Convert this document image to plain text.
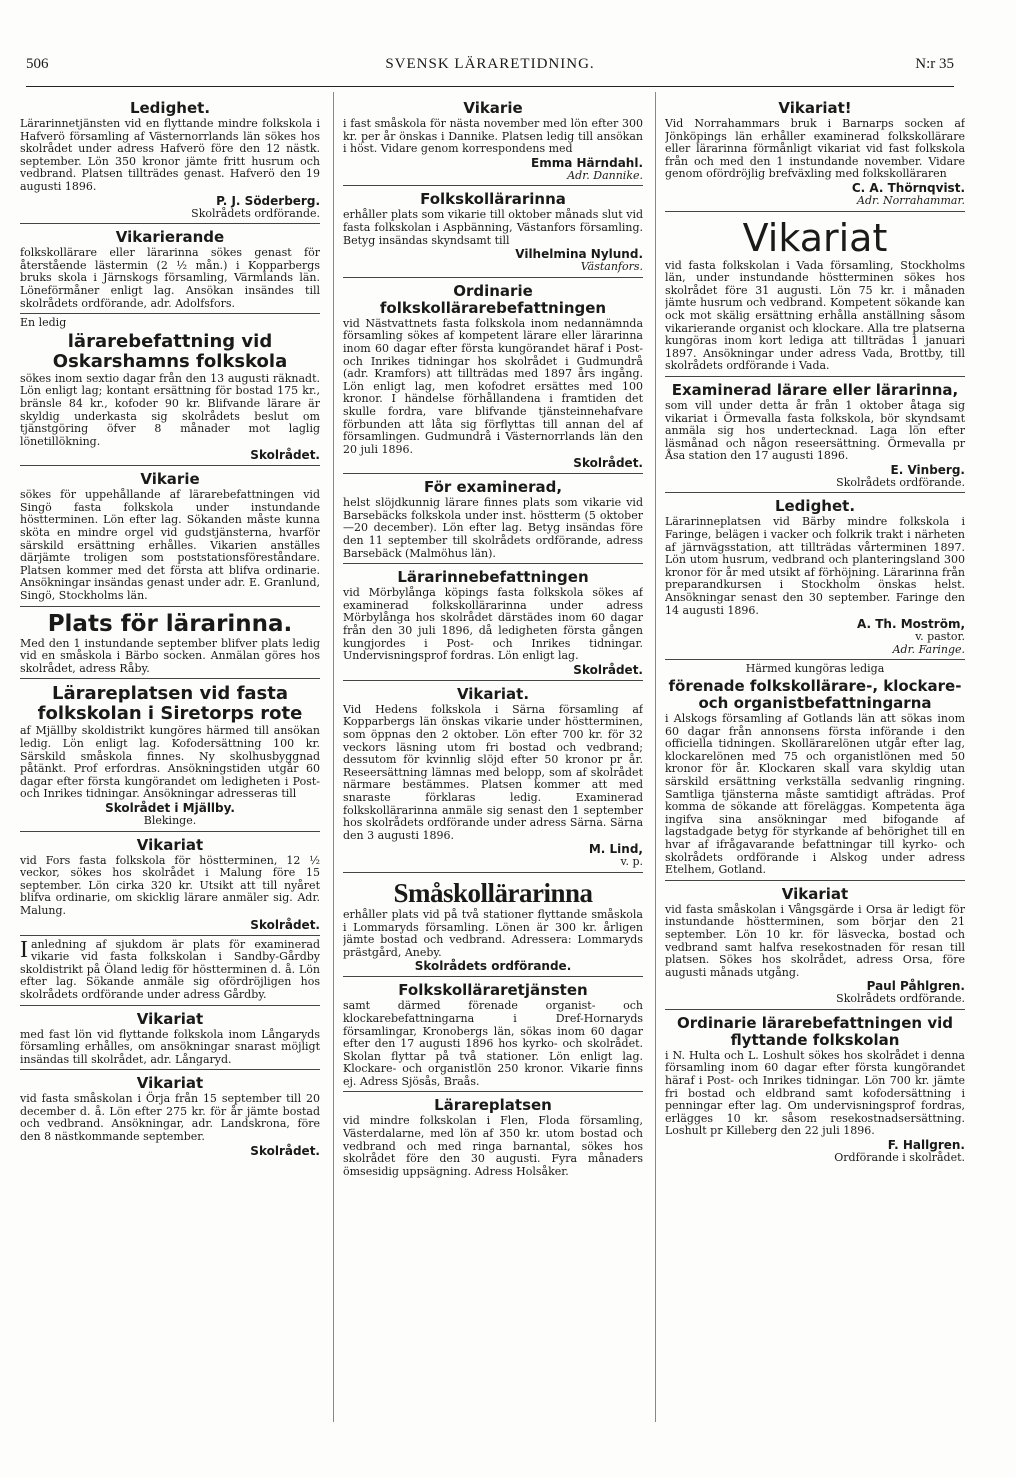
506	SVENSK LÄRARETIDNING.	N:r 35
Ledighet.

Lärarinnetjänsten vid en flyttande mindre folkskola i Hafverö församling af Västernorrlands län sökes hos skolrådet under adress Hafverö före den 12 nästk. september. Lön 350 kronor jämte fritt husrum och vedbrand. Platsen tillträdes genast. Hafverö den 19 augusti 1896.

P. J. Söderberg.
Skolrådets ordförande.
Vikarierande

folkskollärare eller lärarinna sökes genast för återstående lästermin (2 ½ mån.) i Kopparbergs bruks skola i Järnskogs församling, Värmlands län. Löneförmåner enligt lag. Ansökan insändes till skolrådets ordförande, adr. Adolfsfors.

En ledig
lärarebefattning vid Oskarshamns folkskola

sökes inom sextio dagar från den 13 augusti räknadt. Lön enligt lag; kontant ersättning för bostad 175 kr., bränsle 84 kr., kofoder 90 kr. Blifvande lärare är skyldig underkasta sig skolrådets beslut om tjänstgöring öfver 8 månader mot laglig lönetillökning.

Skolrådet.
Vikarie

sökes för uppehållande af lärarebefattningen vid Singö fasta folkskola under instundande höstterminen. Lön efter lag. Sökanden måste kunna sköta en mindre orgel vid gudstjänsterna, hvarför särskild ersättning erhålles. Vikarien anställes därjämte troligen som poststationsföreståndare. Platsen kommer med det första att blifva ordinarie. Ansökningar insändas genast under adr. E. Granlund, Singö, Stockholms län.

Plats för lärarinna.

Med den 1 instundande september blifver plats ledig vid en småskola i Bärbo socken. Anmälan göres hos skolrådet, adress Råby.

Lärareplatsen vid fasta folkskolan i Siretorps rote

af Mjällby skoldistrikt kungöres härmed till ansökan ledig. Lön enligt lag. Kofodersättning 100 kr. Särskild småskola finnes. Ny skolhusbyggnad påtänkt. Prof erfordras. Ansökningstiden utgår 60 dagar efter första kungörandet om ledigheten i Post- och Inrikes tidningar. Ansökningar adresseras till

Skolrådet i Mjällby.
Blekinge.
Vikariat

vid Fors fasta folkskola för höstterminen, 12 ½ veckor, sökes hos skolrådet i Malung före 15 september. Lön cirka 320 kr. Utsikt att till nyåret blifva ordinarie, om skicklig lärare anmäler sig. Adr. Malung.

Skolrådet.
I anledning af sjukdom är plats för examinerad vikarie vid fasta folkskolan i Sandby-Gårdby skoldistrikt på Öland ledig för höstterminen d. å. Lön efter lag. Sökande anmäle sig ofördröjligen hos skolrådets ordförande under adress Gårdby.

Vikariat

med fast lön vid flyttande folkskola inom Långaryds församling erhålles, om ansökningar snarast möjligt insändas till skolrådet, adr. Långaryd.

Vikariat

vid fasta småskolan i Örja från 15 september till 20 december d. å. Lön efter 275 kr. för år jämte bostad och vedbrand. Ansökningar, adr. Landskrona, före den 8 nästkommande september.

Skolrådet.
Vikarie

i fast småskola för nästa november med lön efter 300 kr. per år önskas i Dannike. Platsen ledig till ansökan i höst. Vidare genom korrespondens med

Emma Härndahl.
Adr. Dannike.
Folkskollärarinna

erhåller plats som vikarie till oktober månads slut vid fasta folkskolan i Aspbänning, Västanfors församling. Betyg insändas skyndsamt till

Vilhelmina Nylund.
Västanfors.
Ordinarie folkskollärarebefattningen

vid Nästvattnets fasta folkskola inom nedannämnda församling sökes af kompetent lärare eller lärarinna inom 60 dagar efter första kungörandet häraf i Post- och Inrikes tidningar hos skolrådet i Gudmundrå (adr. Kramfors) att tillträdas med 1897 års ingång. Lön enligt lag, men kofodret ersättes med 100 kronor. I händelse förhållandena i framtiden det skulle fordra, vare blifvande tjänsteinnehafvare förbunden att låta sig förflyttas till annan del af församlingen. Gudmundrå i Västernorrlands län den 20 juli 1896.

Skolrådet.
För examinerad,

helst slöjdkunnig lärare finnes plats som vikarie vid Barsebäcks folkskola under inst. höstterm (5 oktober—20 december). Lön efter lag. Betyg insändas före den 11 september till skolrådets ordförande, adress Barsebäck (Malmöhus län).

Lärarinnebefattningen

vid Mörbylånga köpings fasta folkskola sökes af examinerad folkskollärarinna under adress Mörbylånga hos skolrådet därstädes inom 60 dagar från den 30 juli 1896, då ledigheten första gången kungjordes i Post- och Inrikes tidningar. Undervisningsprof fordras. Lön enligt lag.

Skolrådet.
Vikariat.

Vid Hedens folkskola i Särna församling af Kopparbergs län önskas vikarie under höstterminen, som öppnas den 2 oktober. Lön efter 700 kr. för 32 veckors läsning utom fri bostad och vedbrand; dessutom för kvinnlig slöjd efter 50 kronor pr år. Reseersättning lämnas med belopp, som af skolrådet närmare bestämmes. Platsen kommer att med snaraste förklaras ledig. Examinerad folkskollärarinna anmäle sig senast den 1 september hos skolrådets ordförande under adress Särna. Särna den 3 augusti 1896.

M. Lind,
v. p.
Småskollärarinna

erhåller plats vid på två stationer flyttande småskola i Lommaryds församling. Lönen är 300 kr. årligen jämte bostad och vedbrand. Adressera: Lommaryds prästgård, Aneby.

Skolrådets ordförande.
Folkskolläraretjänsten

samt därmed förenade organist- och klockarebefattningarna i Dref-Hornaryds församlingar, Kronobergs län, sökas inom 60 dagar efter den 17 augusti 1896 hos kyrko- och skolrådet. Skolan flyttar på två stationer. Lön enligt lag. Klockare- och organistlön 250 kronor. Vikarie finns ej. Adress Sjösås, Braås.

Lärareplatsen

vid mindre folkskolan i Flen, Floda församling, Västerdalarne, med lön af 350 kr. utom bostad och vedbrand och med ringa barnantal, sökes hos skolrådet före den 30 augusti. Fyra månaders ömsesidig uppsägning. Adress Holsåker.

Vikariat!

Vid Norrahammars bruk i Barnarps socken af Jönköpings län erhåller examinerad folkskollärare eller lärarinna förmånligt vikariat vid fast folkskola från och med den 1 instundande november. Vidare genom ofördröjlig brefväxling med folkskolläraren

C. A. Thörnqvist.
Adr. Norrahammar.
Vikariat

vid fasta folkskolan i Vada församling, Stockholms län, under instundande höstterminen sökes hos skolrådet före 31 augusti. Lön 75 kr. i månaden jämte husrum och vedbrand. Kompetent sökande kan ock mot skälig ersättning erhålla anställning såsom vikarierande organist och klockare. Alla tre platserna kungöras inom kort lediga att tillträdas 1 januari 1897. Ansökningar under adress Vada, Brottby, till skolrådets ordförande i Vada.

Examinerad lärare eller lärarinna,

som vill under detta år från 1 oktober åtaga sig vikariat i Örmevalla fasta folkskola, bör skyndsamt anmäla sig hos undertecknad. Laga lön efter läsmånad och någon reseersättning. Örmevalla pr Åsa station den 17 augusti 1896.

E. Vinberg.
Skolrådets ordförande.
Ledighet.

Lärarinneplatsen vid Bärby mindre folkskola i Faringe, belägen i vacker och folkrik trakt i närheten af järnvägsstation, att tillträdas vårterminen 1897. Lön utom husrum, vedbrand och planteringsland 300 kronor för år med utsikt af förhöjning. Lärarinna från preparandkursen i Stockholm önskas helst. Ansökningar senast den 30 september. Faringe den 14 augusti 1896.

A. Th. Moström,
v. pastor.
Adr. Faringe.
Härmed kungöras lediga
förenade folkskollärare-, klockare- och organistbefattningarna

i Alskogs församling af Gotlands län att sökas inom 60 dagar från annonsens första införande i den officiella tidningen. Skollärarelönen utgår efter lag, klockarelönen med 75 och organistlönen med 50 kronor för år. Klockaren skall vara skyldig utan särskild ersättning verkställa sedvanlig ringning. Samtliga tjänsterna måste samtidigt afträdas. Prof komma de sökande att föreläggas. Kompetenta äga ingifva sina ansökningar med bifogande af lagstadgade betyg för styrkande af behörighet till en hvar af ifrågavarande befattningar till kyrko- och skolrådets ordförande i Alskog under adress Etelhem, Gotland.

Vikariat

vid fasta småskolan i Vångsgärde i Orsa är ledigt för instundande höstterminen, som börjar den 21 september. Lön 10 kr. för läsvecka, bostad och vedbrand samt halfva resekostnaden för resan till platsen. Sökes hos skolrådet, adress Orsa, före augusti månads utgång.

Paul Påhlgren.
Skolrådets ordförande.
Ordinarie lärarebefattningen vid flyttande folkskolan

i N. Hulta och L. Loshult sökes hos skolrådet i denna församling inom 60 dagar efter första kungörandet häraf i Post- och Inrikes tidningar. Lön 700 kr. jämte fri bostad och eldbrand samt kofodersättning i penningar efter lag. Om undervisningsprof fordras, erlägges 10 kr. såsom resekostnadsersättning. Loshult pr Killeberg den 22 juli 1896.

F. Hallgren.
Ordförande i skolrådet.
